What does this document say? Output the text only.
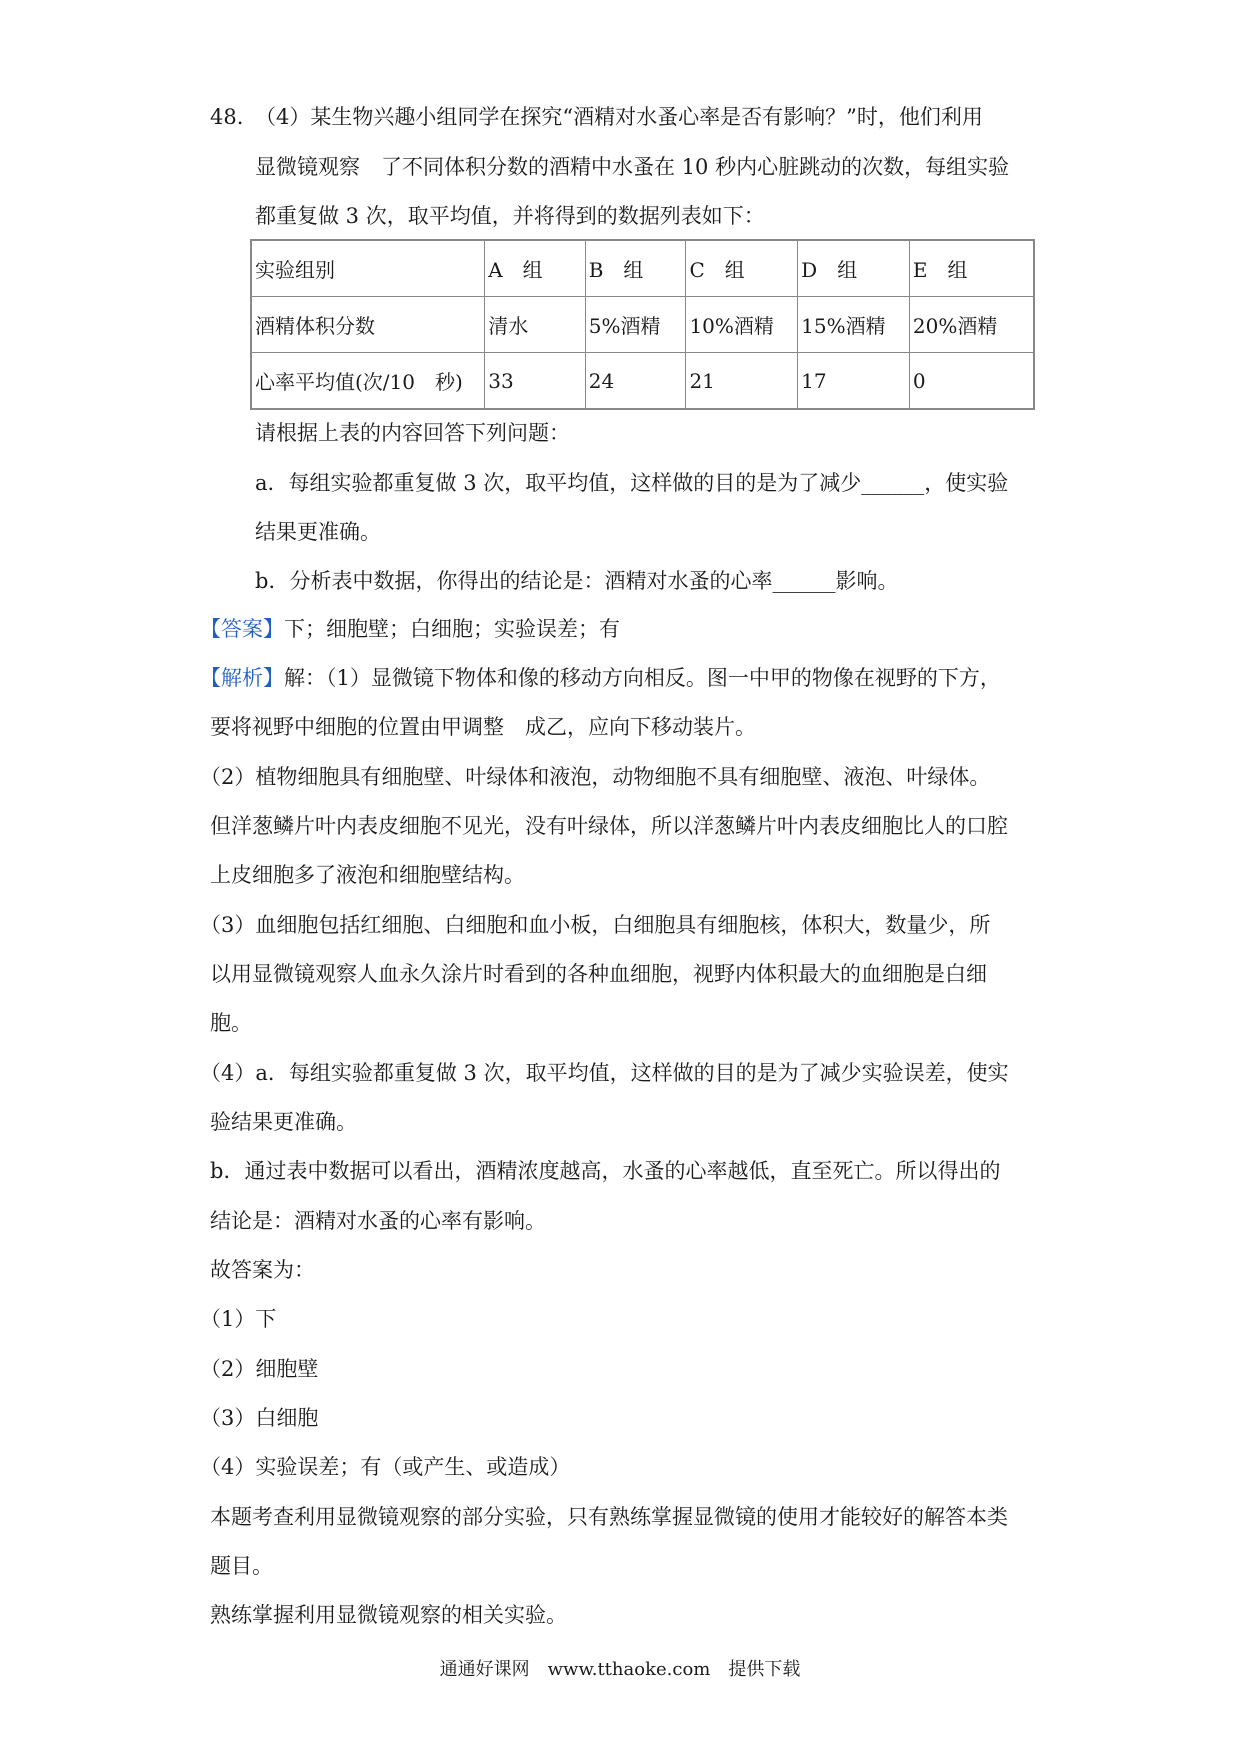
48. （4）某生物兴趣小组同学在探究“酒精对水蚤心率是否有影响？”时，他们利用
显微镜观察　了不同体积分数的酒精中水蚤在 10 秒内心脏跳动的次数，每组实验
都重复做 3 次，取平均值，并将得到的数据列表如下：
实验组别	A　组	B　组	C　组	D　组	E　组
酒精体积分数	清水	5%酒精	10%酒精	15%酒精	20%酒精
心率平均值(次/10　秒)	33	24	21	17	0
请根据上表的内容回答下列问题：
a．每组实验都重复做 3 次，取平均值，这样做的目的是为了减少______，使实验
结果更准确。
b．分析表中数据，你得出的结论是：酒精对水蚤的心率______影响。
【答案】下；细胞壁；白细胞；实验误差；有
【解析】解：（1）显微镜下物体和像的移动方向相反。图一中甲的物像在视野的下方，
要将视野中细胞的位置由甲调整　成乙，应向下移动装片。
（2）植物细胞具有细胞壁、叶绿体和液泡，动物细胞不具有细胞壁、液泡、叶绿体。
但洋葱鳞片叶内表皮细胞不见光，没有叶绿体，所以洋葱鳞片叶内表皮细胞比人的口腔
上皮细胞多了液泡和细胞壁结构。
（3）血细胞包括红细胞、白细胞和血小板，白细胞具有细胞核，体积大，数量少，所
以用显微镜观察人血永久涂片时看到的各种血细胞，视野内体积最大的血细胞是白细
胞。
（4）a．每组实验都重复做 3 次，取平均值，这样做的目的是为了减少实验误差，使实
验结果更准确。
b．通过表中数据可以看出，酒精浓度越高，水蚤的心率越低，直至死亡。所以得出的
结论是：酒精对水蚤的心率有影响。
故答案为：
（1）下
（2）细胞壁
（3）白细胞
（4）实验误差；有（或产生、或造成）
本题考查利用显微镜观察的部分实验，只有熟练掌握显微镜的使用才能较好的解答本类
题目。
熟练掌握利用显微镜观察的相关实验。
通通好课网　www.tthaoke.com　提供下载
